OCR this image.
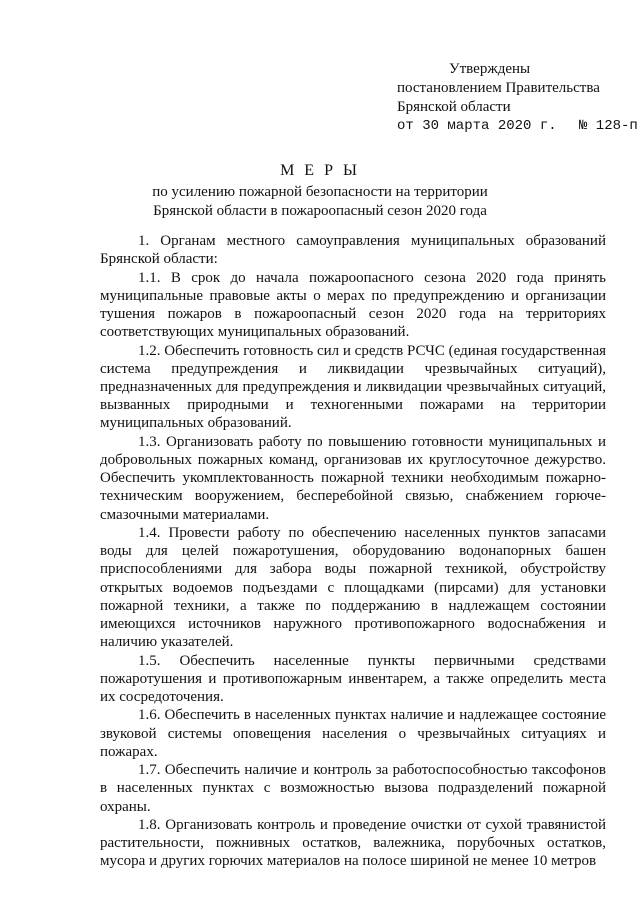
Утверждены
постановлением Правительства
Брянской области
от 30 марта 2020 г.	№ 128-п
М Е Р Ы
по усилению пожарной безопасности на территории
Брянской области в пожароопасный сезон 2020 года

1. Органам местного самоуправления муниципальных образований Брянской области:

1.1. В срок до начала пожароопасного сезона 2020 года принять муниципальные правовые акты о мерах по предупреждению и организации тушения пожаров в пожароопасный сезон 2020 года на территориях соответствующих муниципальных образований.

1.2. Обеспечить готовность сил и средств РСЧС (единая государственная система предупреждения и ликвидации чрезвычайных ситуаций), предназначенных для предупреждения и ликвидации чрезвычайных ситуаций, вызванных природными и техногенными пожарами на территории муниципальных образований.

1.3. Организовать работу по повышению готовности муниципальных и добровольных пожарных команд, организовав их круглосуточное дежурство. Обеспечить укомплектованность пожарной техники необходимым пожарно-техническим вооружением, бесперебойной связью, снабжением горюче-смазочными материалами.

1.4. Провести работу по обеспечению населенных пунктов запасами воды для целей пожаротушения, оборудованию водонапорных башен приспособлениями для забора воды пожарной техникой, обустройству открытых водоемов подъездами с площадками (пирсами) для установки пожарной техники, а также по поддержанию в надлежащем состоянии имеющихся источников наружного противопожарного водоснабжения и наличию указателей.

1.5. Обеспечить населенные пункты первичными средствами пожаротушения и противопожарным инвентарем, а также определить места их сосредоточения.

1.6. Обеспечить в населенных пунктах наличие и надлежащее состояние звуковой системы оповещения населения о чрезвычайных ситуациях и пожарах.

1.7. Обеспечить наличие и контроль за работоспособностью таксофонов в населенных пунктах с возможностью вызова подразделений пожарной охраны.

1.8. Организовать контроль и проведение очистки от сухой травянистой растительности, пожнивных остатков, валежника, порубочных остатков, мусора и других горючих материалов на полосе шириной не менее 10 метров
